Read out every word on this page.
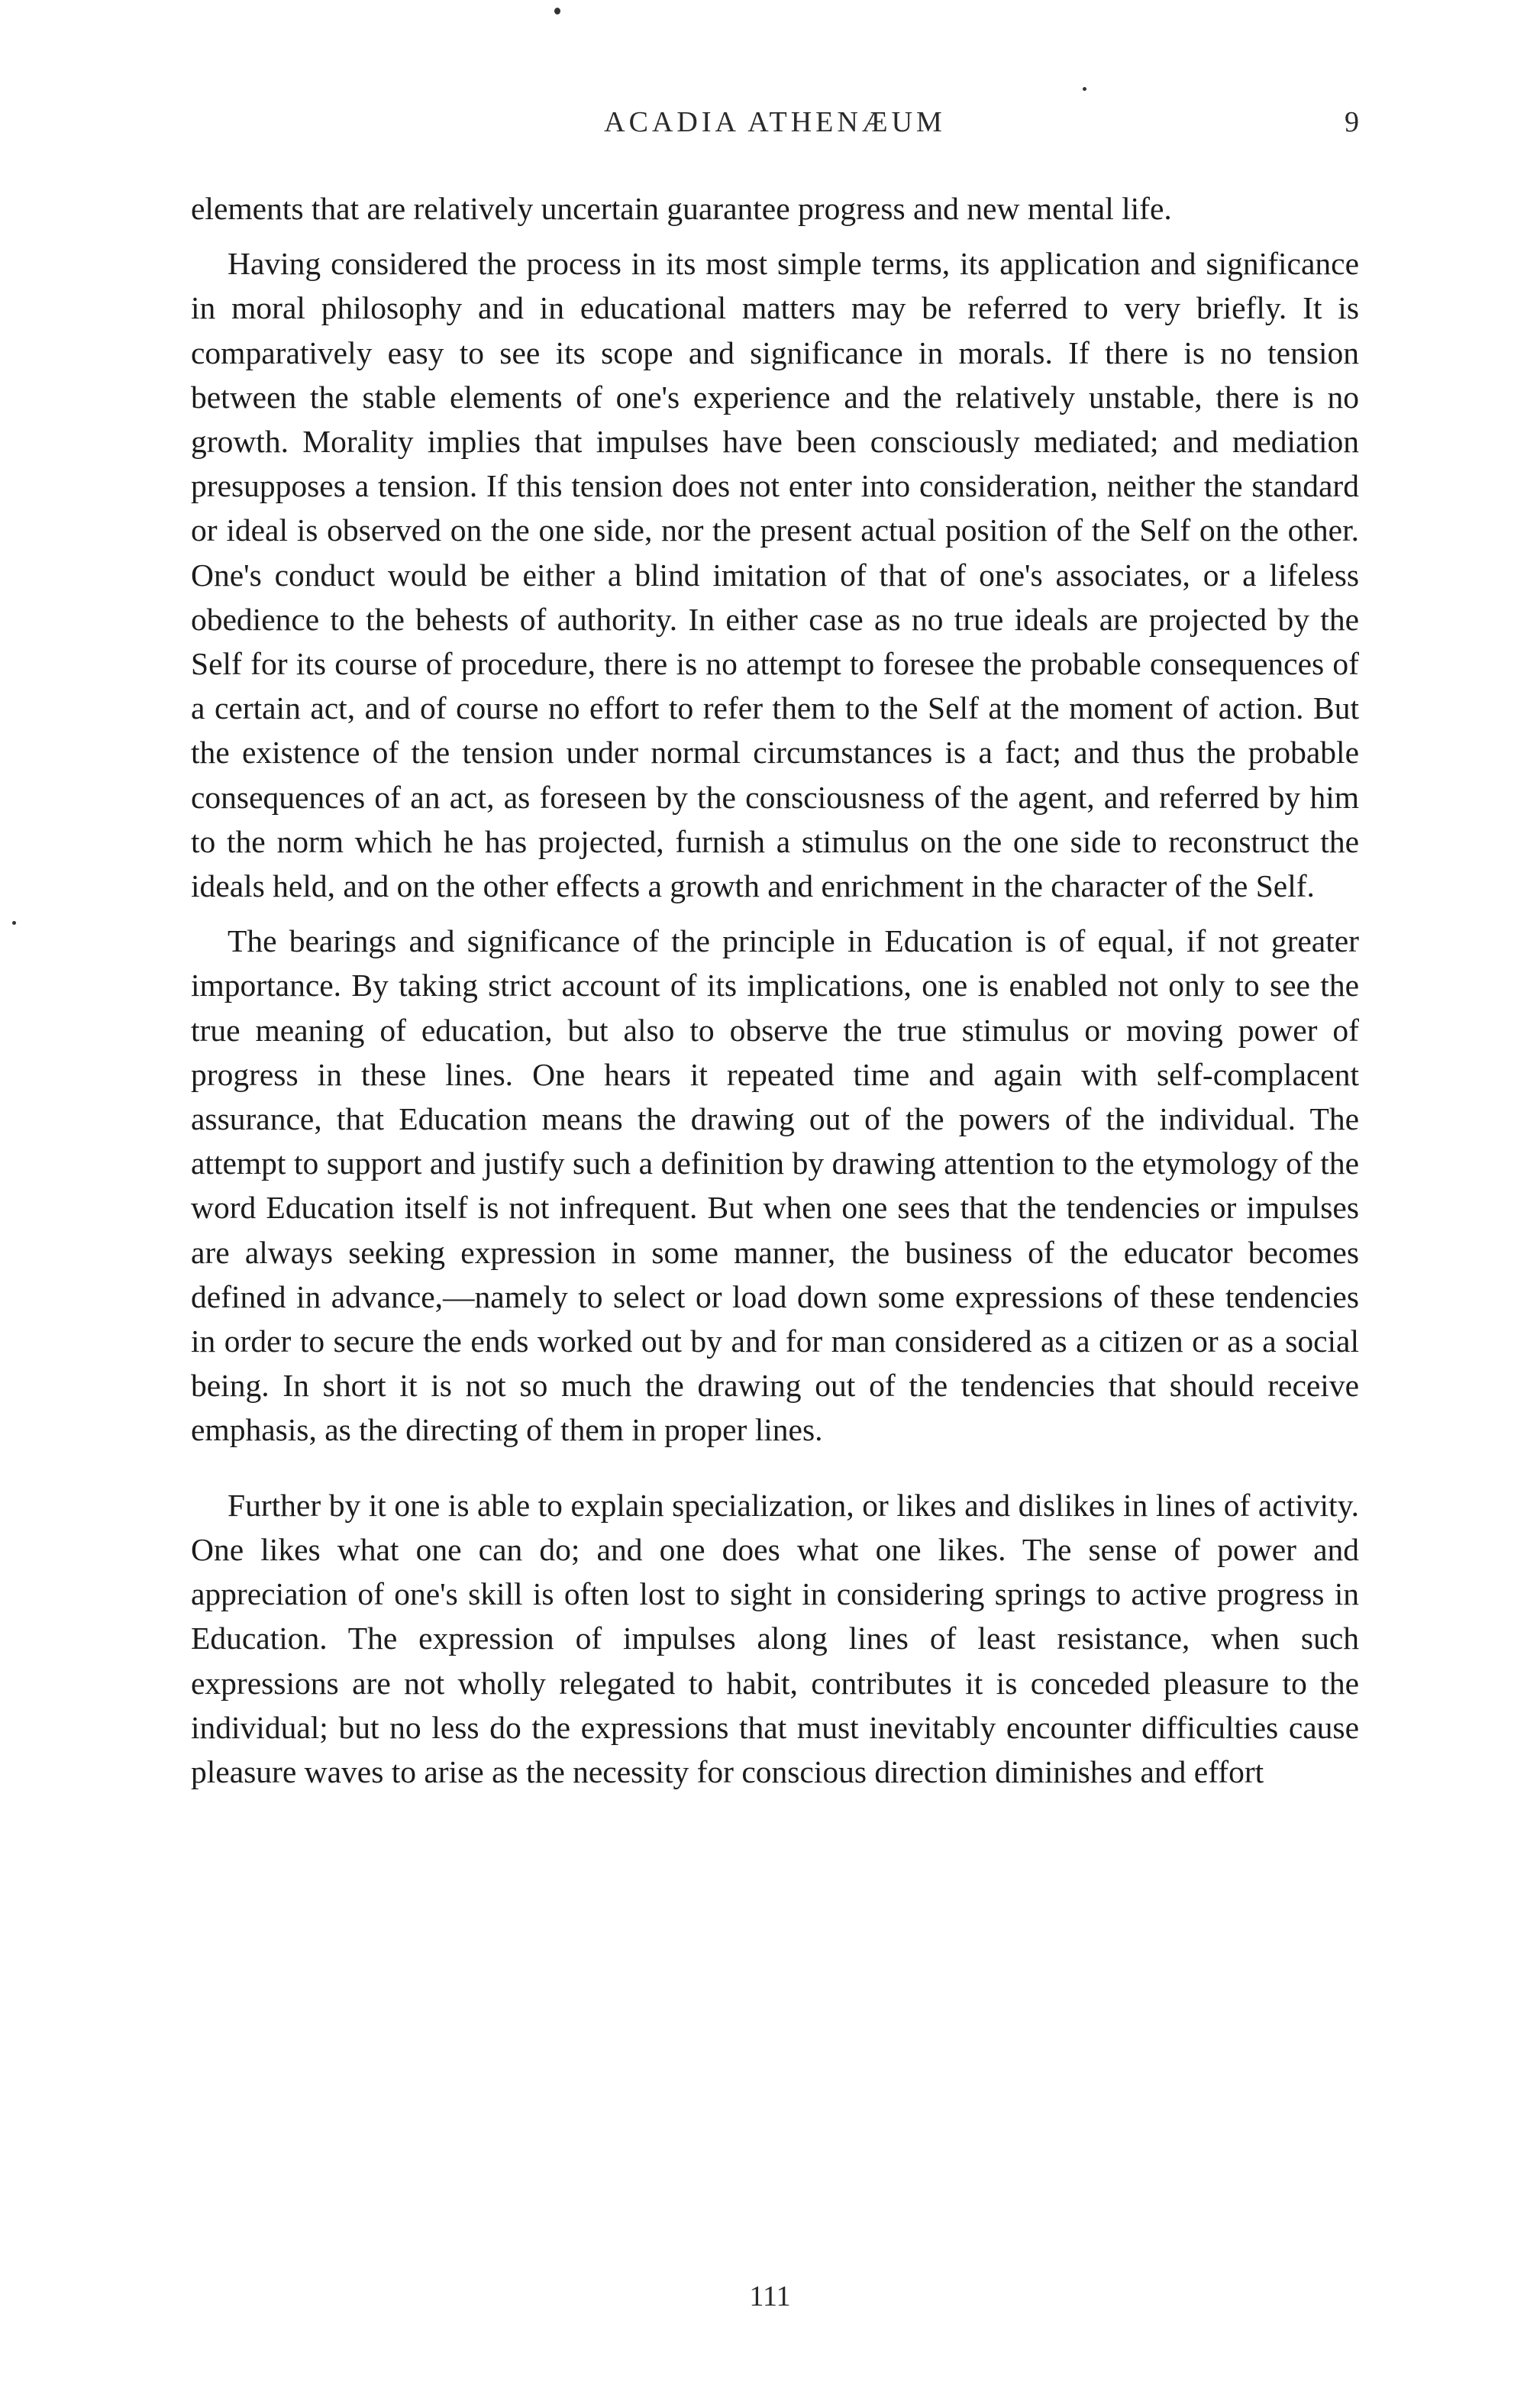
ACADIA ATHENÆUM	9

elements that are relatively uncertain guarantee progress and new mental life.

Having considered the process in its most simple terms, its application and significance in moral philosophy and in educational matters may be referred to very briefly. It is comparatively easy to see its scope and significance in morals. If there is no tension between the stable elements of one's experience and the relatively unstable, there is no growth. Morality implies that impulses have been consciously mediated; and mediation presupposes a tension. If this tension does not enter into consideration, neither the standard or ideal is observed on the one side, nor the present actual position of the Self on the other. One's conduct would be either a blind imitation of that of one's associates, or a lifeless obedience to the behests of authority. In either case as no true ideals are projected by the Self for its course of procedure, there is no attempt to foresee the probable consequences of a certain act, and of course no effort to refer them to the Self at the moment of action. But the existence of the tension under normal circumstances is a fact; and thus the probable consequences of an act, as foreseen by the consciousness of the agent, and referred by him to the norm which he has projected, furnish a stimulus on the one side to reconstruct the ideals held, and on the other effects a growth and enrichment in the character of the Self.

The bearings and significance of the principle in Education is of equal, if not greater importance. By taking strict account of its implications, one is enabled not only to see the true meaning of education, but also to observe the true stimulus or moving power of progress in these lines. One hears it repeated time and again with self-complacent assurance, that Education means the drawing out of the powers of the individual. The attempt to support and justify such a definition by drawing attention to the etymology of the word Education itself is not infrequent. But when one sees that the tendencies or impulses are always seeking expression in some manner, the business of the educator becomes defined in advance,—namely to select or load down some expressions of these tendencies in order to secure the ends worked out by and for man considered as a citizen or as a social being. In short it is not so much the drawing out of the tendencies that should receive emphasis, as the directing of them in proper lines.

Further by it one is able to explain specialization, or likes and dislikes in lines of activity. One likes what one can do; and one does what one likes. The sense of power and appreciation of one's skill is often lost to sight in considering springs to active progress in Education. The expression of impulses along lines of least resistance, when such expressions are not wholly relegated to habit, contributes it is conceded pleasure to the individual; but no less do the expressions that must inevitably encounter difficulties cause pleasure waves to arise as the necessity for conscious direction diminishes and effort

111
